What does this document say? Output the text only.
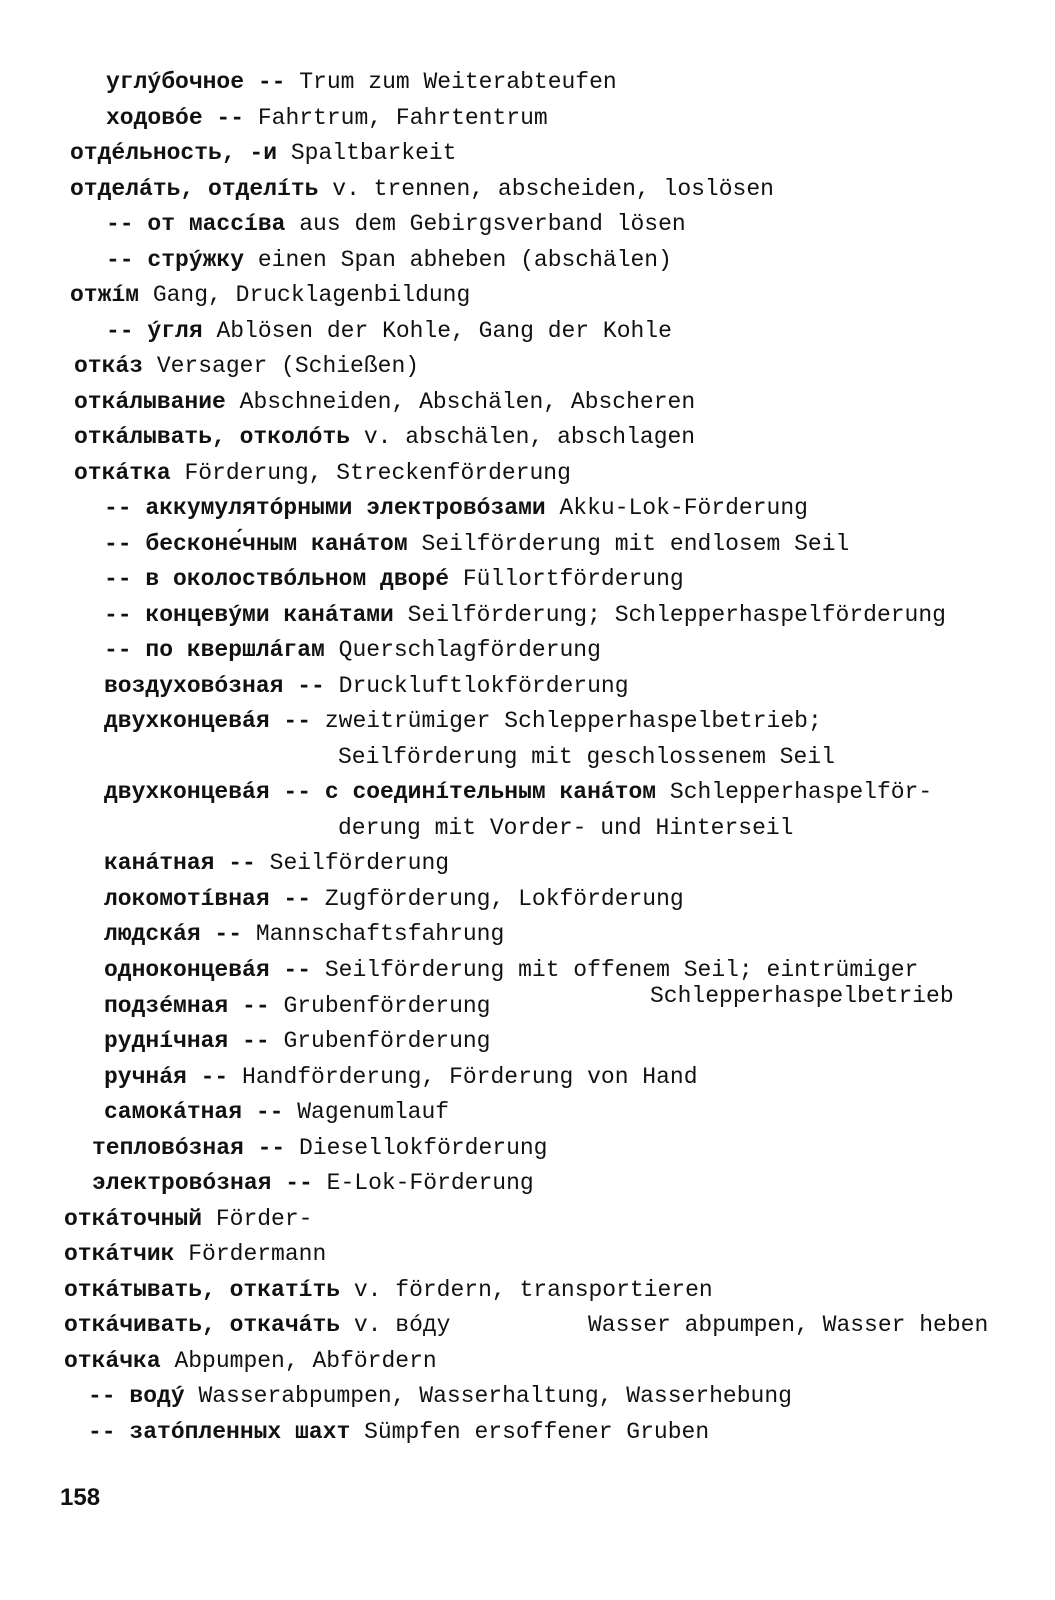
углýбочное -- Trum zum Weiterabteufen
ходовóе -- Fahrtrum, Fahrtentrum
отдéльность, -и Spaltbarkeit
отделáть, отделíть v. trennen, abscheiden, loslösen
-- от массíва aus dem Gebirgsverband lösen
-- стрýжку einen Span abheben (abschälen)
отжíм Gang, Drucklagenbildung
-- ýгля Ablösen der Kohle, Gang der Kohle
откáз Versager (Schießen)
откáлывание Abschneiden, Abschälen, Abscheren
откáлывать, отколóть v. abschälen, abschlagen
откáтка Förderung, Streckenförderung
-- аккумулятóрными электровóзами Akku-Lok-Förderung
-- бесконе́чным канáтом Seilförderung mit endlosem Seil
-- в околоствóльном дворé Füllortförderung
-- концевýми канáтами Seilförderung; Schlepperhaspelförderung
-- по квершлáгам Querschlagförderung
воздуховóзная -- Druckluftlokförderung
двухконцевáя -- zweitrümiger Schlepperhaspelbetrieb;
Seilförderung mit geschlossenem Seil
двухконцевáя -- с соединíтельным канáтом Schlepperhaspelför-
derung mit Vorder- und Hinterseil
канáтная -- Seilförderung
локомотíвная -- Zugförderung, Lokförderung
людскáя -- Mannschaftsfahrung
одноконцевáя -- Seilförderung mit offenem Seil; eintrümiger
Schlepperhaspelbetrieb
подзéмная -- Grubenförderung
руднíчная -- Grubenförderung
ручнáя -- Handförderung, Förderung von Hand
самокáтная -- Wagenumlauf
тепловóзная -- Diesellokförderung
электровóзная -- E-Lok-Förderung
откáточный Förder-
откáтчик Fördermann
откáтывать, откатíть v. fördern, transportieren
откáчивать, откачáть v. вóду	Wasser abpumpen, Wasser heben
откáчка Abpumpen, Abfördern
-- водý Wasserabpumpen, Wasserhaltung, Wasserhebung
-- затóпленных шахт Sümpfen ersoffener Gruben
158
